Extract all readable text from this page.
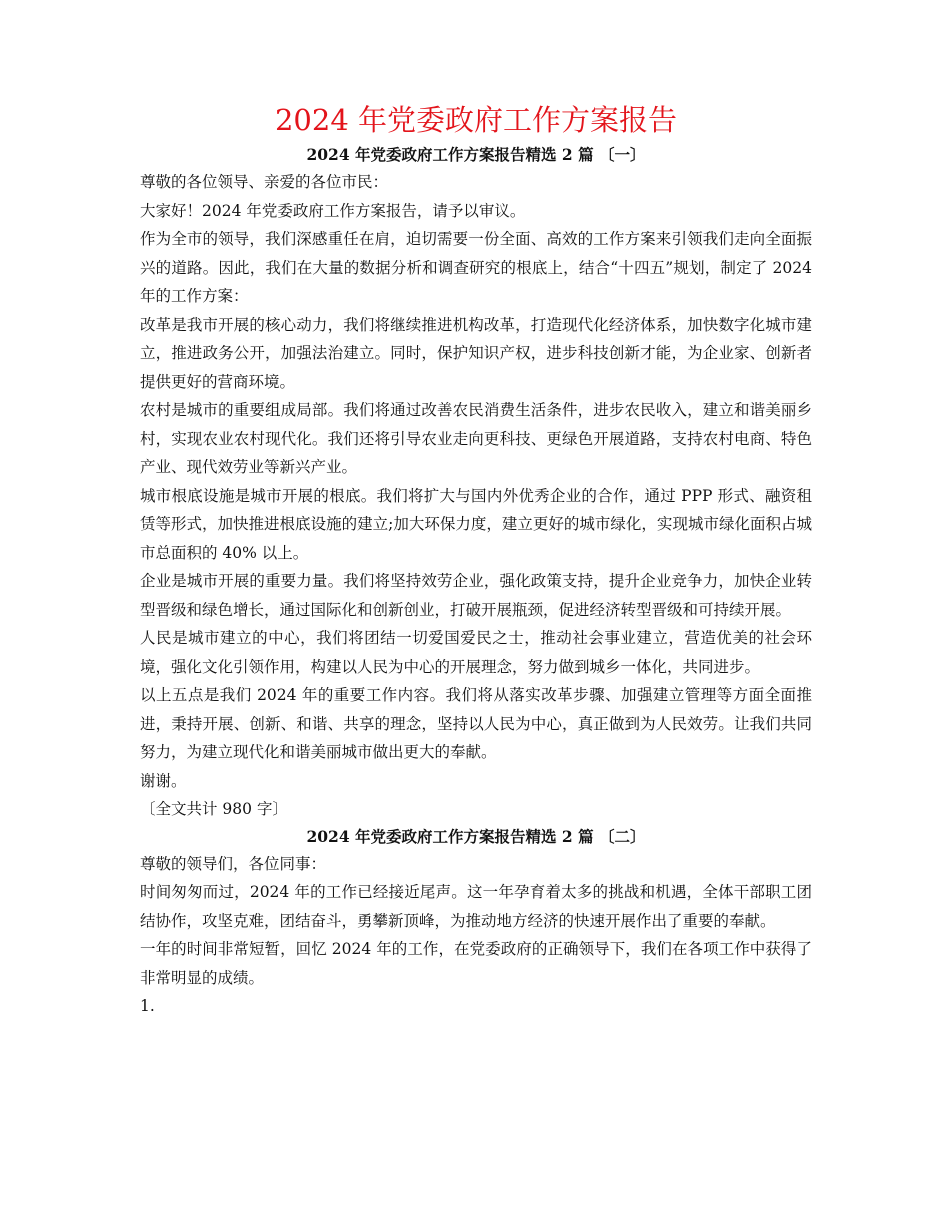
2024 年党委政府工作方案报告
2024 年党委政府工作方案报告精选 2 篇 〔一〕

尊敬的各位领导、亲爱的各位市民：

大家好！2024 年党委政府工作方案报告，请予以审议。

作为全市的领导，我们深感重任在肩，迫切需要一份全面、高效的工作方案来引领我们走向全面振兴的道路。因此，我们在大量的数据分析和调查研究的根底上，结合“十四五”规划，制定了 2024 年的工作方案：

改革是我市开展的核心动力，我们将继续推进机构改革，打造现代化经济体系，加快数字化城市建立，推进政务公开，加强法治建立。同时，保护知识产权，进步科技创新才能，为企业家、创新者提供更好的营商环境。

农村是城市的重要组成局部。我们将通过改善农民消费生活条件，进步农民收入，建立和谐美丽乡村，实现农业农村现代化。我们还将引导农业走向更科技、更绿色开展道路，支持农村电商、特色产业、现代效劳业等新兴产业。

城市根底设施是城市开展的根底。我们将扩大与国内外优秀企业的合作，通过 PPP 形式、融资租赁等形式，加快推进根底设施的建立;加大环保力度，建立更好的城市绿化，实现城市绿化面积占城市总面积的 40% 以上。

企业是城市开展的重要力量。我们将坚持效劳企业，强化政策支持，提升企业竞争力，加快企业转型晋级和绿色增长，通过国际化和创新创业，打破开展瓶颈，促进经济转型晋级和可持续开展。

人民是城市建立的中心，我们将团结一切爱国爱民之士，推动社会事业建立，营造优美的社会环境，强化文化引领作用，构建以人民为中心的开展理念，努力做到城乡一体化，共同进步。

以上五点是我们 2024 年的重要工作内容。我们将从落实改革步骤、加强建立管理等方面全面推进，秉持开展、创新、和谐、共享的理念，坚持以人民为中心，真正做到为人民效劳。让我们共同努力，为建立现代化和谐美丽城市做出更大的奉献。

谢谢。

〔全文共计 980 字〕

2024 年党委政府工作方案报告精选 2 篇 〔二〕

尊敬的领导们，各位同事：

时间匆匆而过，2024 年的工作已经接近尾声。这一年孕育着太多的挑战和机遇，全体干部职工团结协作，攻坚克难，团结奋斗，勇攀新顶峰，为推动地方经济的快速开展作出了重要的奉献。

一年的时间非常短暂，回忆 2024 年的工作，在党委政府的正确领导下，我们在各项工作中获得了非常明显的成绩。

1.
